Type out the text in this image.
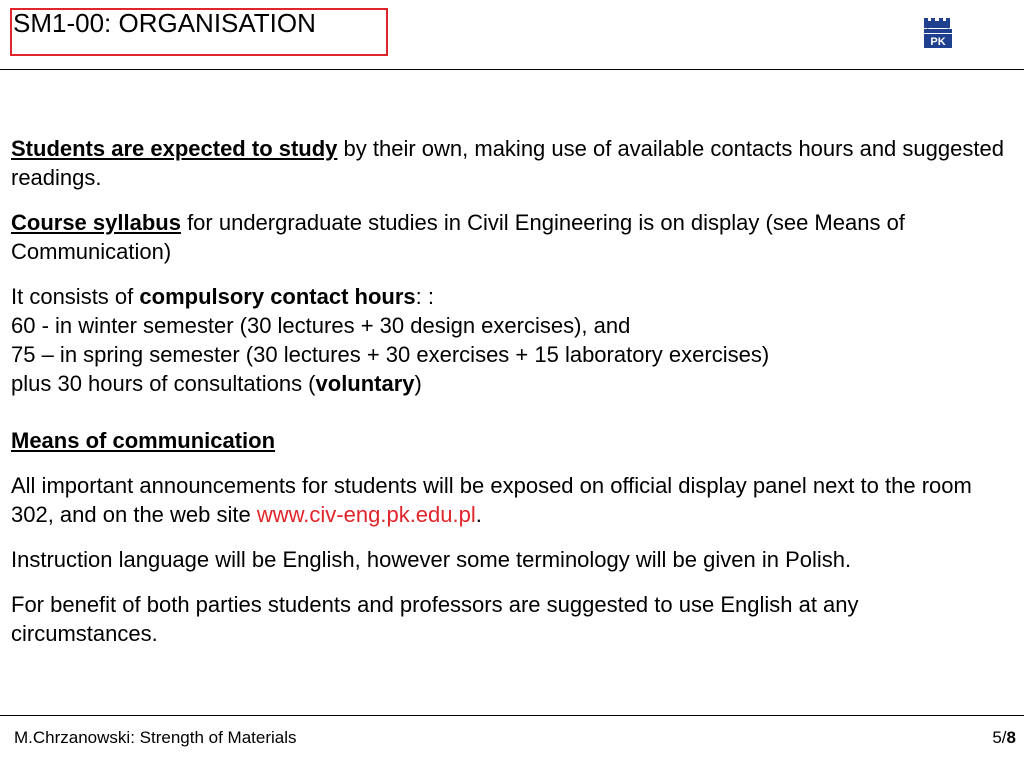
SM1-00: ORGANISATION
PK

Students are expected to study by their own, making use of available contacts hours and suggested readings.

Course syllabus for undergraduate studies in Civil Engineering is on display (see Means of Communication)

It consists of compulsory contact hours: :
60 - in winter semester (30 lectures + 30 design exercises), and
75 – in spring semester (30 lectures + 30 exercises + 15 laboratory exercises)
plus 30 hours of consultations (voluntary)

Means of communication

All important announcements for students will be exposed on official display panel next to the room 302, and on the web site www.civ-eng.pk.edu.pl.

Instruction language will be English, however some terminology will be given in Polish.

For benefit of both parties students and professors are suggested to use English at any circumstances.

M.Chrzanowski: Strength of Materials	5/8
